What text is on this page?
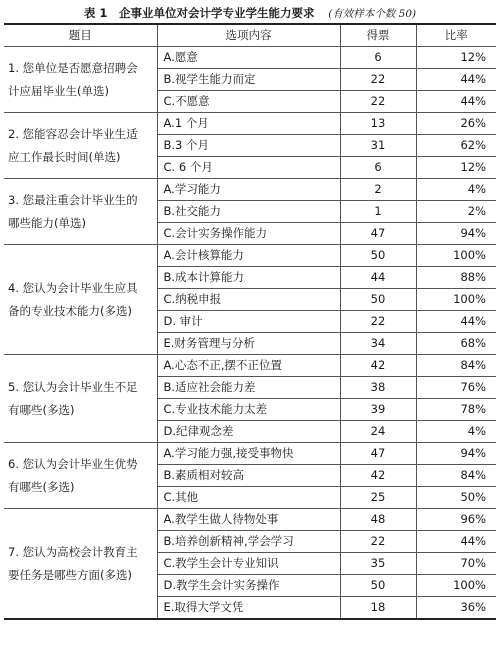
表 1 企事业单位对会计学专业学生能力要求 (有效样本个数 50)
题目	选项内容	得票	比率
1. 您单位是否愿意招聘会计应届毕业生(单选)	A.愿意	6	12%
	B.视学生能力而定	22	44%
	C.不愿意	22	44%
2. 您能容忍会计毕业生适应工作最长时间(单选)	A.1 个月	13	26%
	B.3 个月	31	62%
	C. 6 个月	6	12%
3. 您最注重会计毕业生的哪些能力(单选)	A.学习能力	2	4%
	B.社交能力	1	2%
	C.会计实务操作能力	47	94%
4. 您认为会计毕业生应具备的专业技术能力(多选)	A.会计核算能力	50	100%
	B.成本计算能力	44	88%
	C.纳税申报	50	100%
	D. 审计	22	44%
	E.财务管理与分析	34	68%
5. 您认为会计毕业生不足有哪些(多选)	A.心态不正,摆不正位置	42	84%
	B.适应社会能力差	38	76%
	C.专业技术能力太差	39	78%
	D.纪律观念差	24	4%
6. 您认为会计毕业生优势有哪些(多选)	A.学习能力强,接受事物快	47	94%
	B.素质相对较高	42	84%
	C.其他	25	50%
7. 您认为高校会计教育主要任务是哪些方面(多选)	A.教学生做人待物处事	48	96%
	B.培养创新精神,学会学习	22	44%
	C.教学生会计专业知识	35	70%
	D.教学生会计实务操作	50	100%
	E.取得大学文凭	18	36%
